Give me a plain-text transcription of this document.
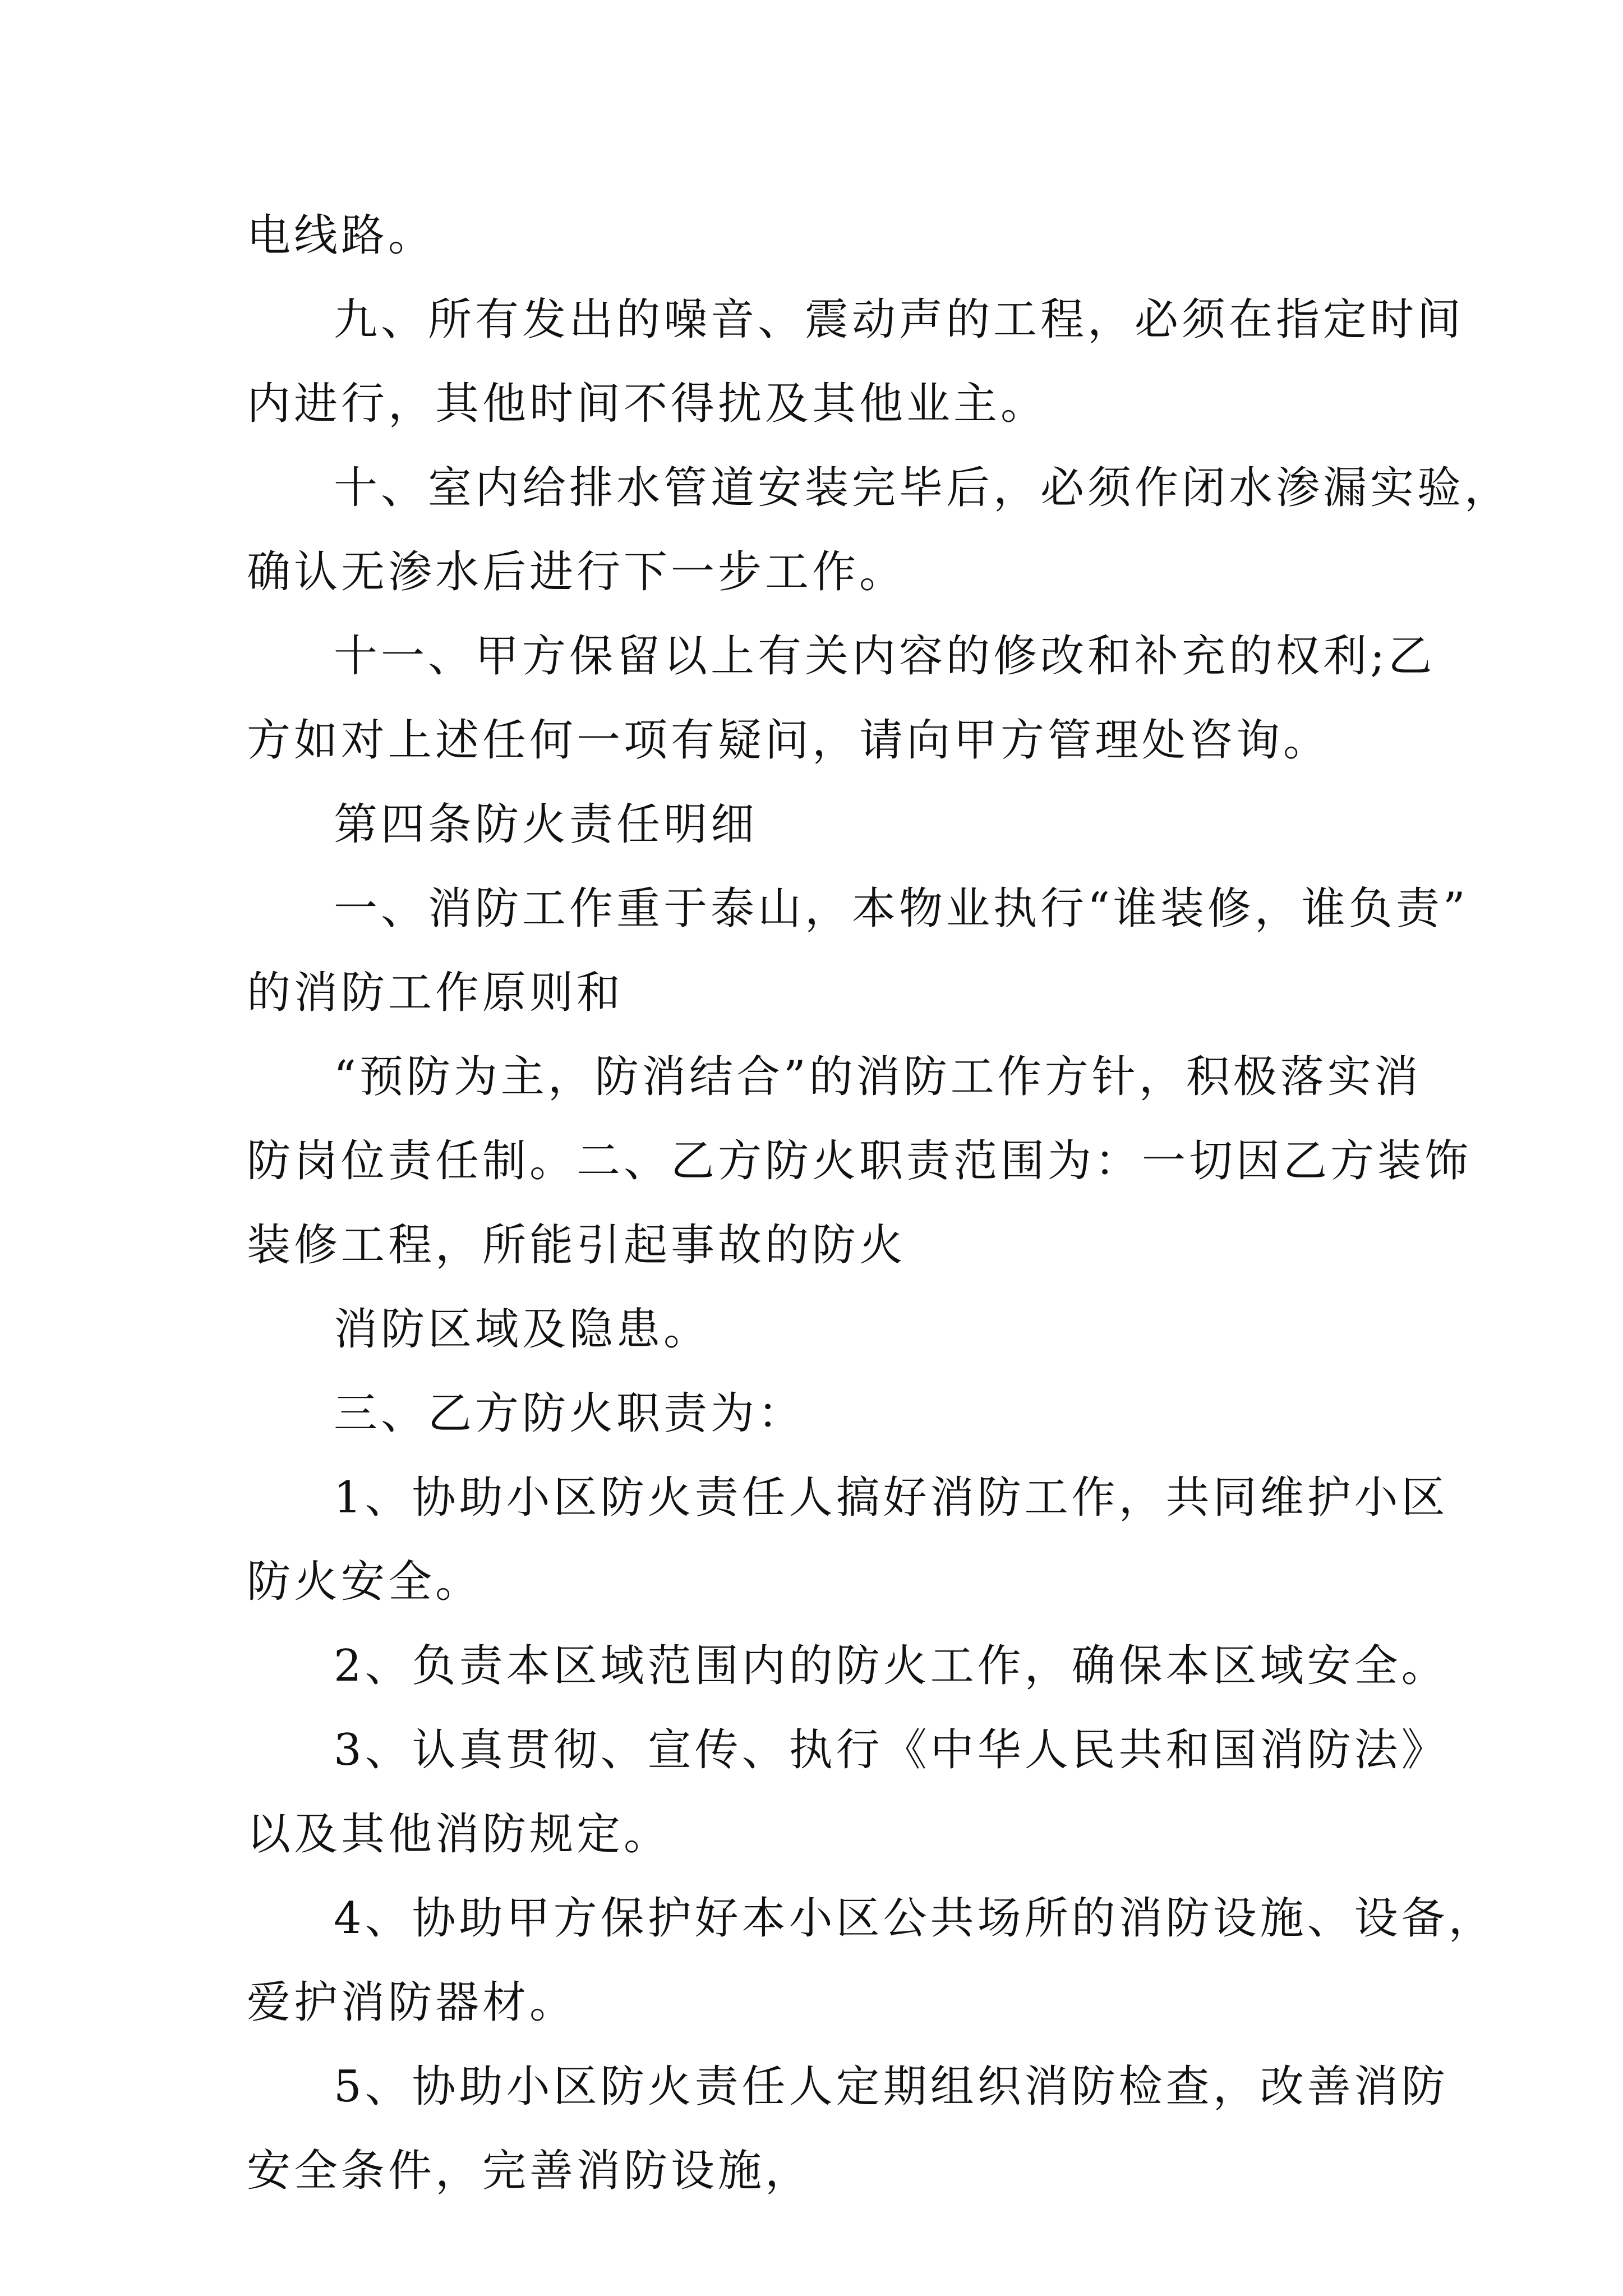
电线路。
九、所有发出的噪音、震动声的工程，必须在指定时间
内进行，其他时间不得扰及其他业主。
十、室内给排水管道安装完毕后，必须作闭水渗漏实验，
确认无渗水后进行下一步工作。
十一、甲方保留以上有关内容的修改和补充的权利;乙
方如对上述任何一项有疑问，请向甲方管理处咨询。
第四条防火责任明细
一、消防工作重于泰山，本物业执行“谁装修，谁负责”
的消防工作原则和
“预防为主，防消结合”的消防工作方针，积极落实消
防岗位责任制。二、乙方防火职责范围为：一切因乙方装饰
装修工程，所能引起事故的防火
消防区域及隐患。
三、乙方防火职责为：
1、协助小区防火责任人搞好消防工作，共同维护小区
防火安全。
2、负责本区域范围内的防火工作，确保本区域安全。
3、认真贯彻、宣传、执行《中华人民共和国消防法》
以及其他消防规定。
4、协助甲方保护好本小区公共场所的消防设施、设备，
爱护消防器材。
5、协助小区防火责任人定期组织消防检查，改善消防
安全条件，完善消防设施，
